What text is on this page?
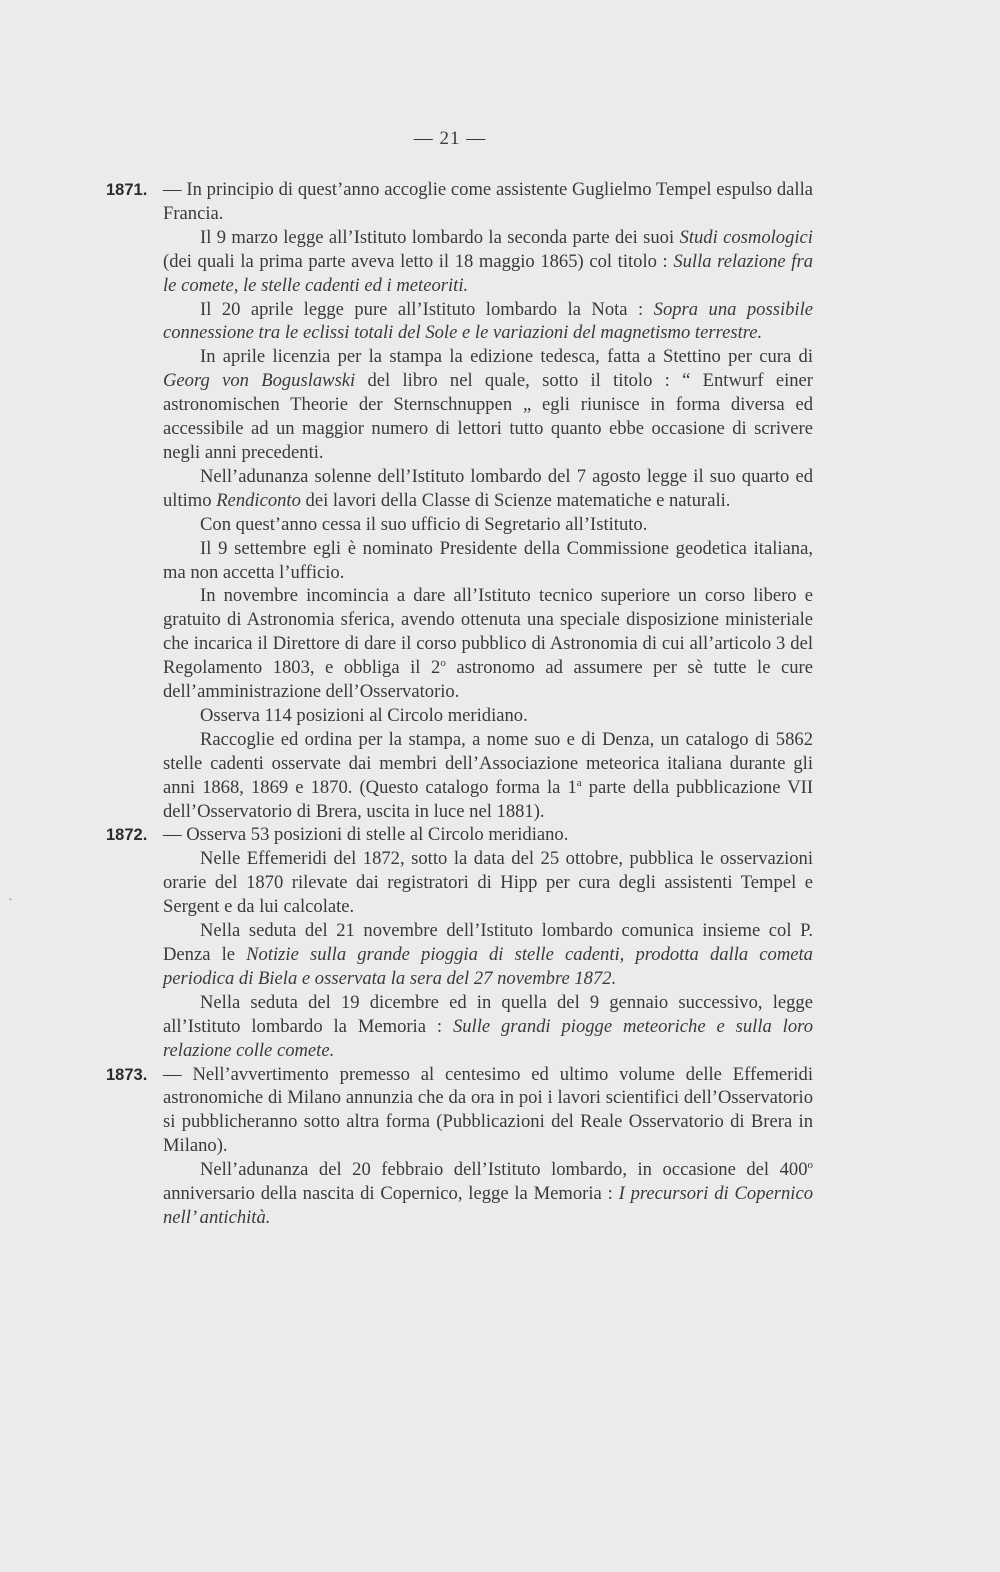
— 21 —
`

1871. — In principio di quest’anno accoglie come assistente Guglielmo Tempel espulso dalla Francia.

Il 9 marzo legge all’Istituto lombardo la seconda parte dei suoi Studi cosmologici (dei quali la prima parte aveva letto il 18 maggio 1865) col titolo : Sulla relazione fra le comete, le stelle cadenti ed i meteoriti.

Il 20 aprile legge pure all’Istituto lombardo la Nota : Sopra una possibile connessione tra le eclissi totali del Sole e le variazioni del magnetismo terrestre.

In aprile licenzia per la stampa la edizione tedesca, fatta a Stettino per cura di Georg von Boguslawski del libro nel quale, sotto il titolo : “ Entwurf einer astronomischen Theorie der Sternschnuppen „ egli riunisce in forma diversa ed accessibile ad un maggior numero di lettori tutto quanto ebbe occasione di scrivere negli anni precedenti.

Nell’adunanza solenne dell’Istituto lombardo del 7 agosto legge il suo quarto ed ultimo Rendiconto dei lavori della Classe di Scienze matematiche e naturali.

Con quest’anno cessa il suo ufficio di Segretario all’Istituto.

Il 9 settembre egli è nominato Presidente della Commissione geodetica italiana, ma non accetta l’ufficio.

In novembre incomincia a dare all’Istituto tecnico superiore un corso libero e gratuito di Astronomia sferica, avendo ottenuta una speciale disposizione ministeriale che incarica il Direttore di dare il corso pubblico di Astronomia di cui all’articolo 3 del Regolamento 1803, e obbliga il 2$^o$ astronomo ad assumere per sè tutte le cure dell’amministrazione dell’Osservatorio.

Osserva 114 posizioni al Circolo meridiano.

Raccoglie ed ordina per la stampa, a nome suo e di Denza, un catalogo di 5862 stelle cadenti osservate dai membri dell’Associazione meteorica italiana durante gli anni 1868, 1869 e 1870. (Questo catalogo forma la 1$^a$ parte della pubblicazione VII dell’Osservatorio di Brera, uscita in luce nel 1881).

1872. — Osserva 53 posizioni di stelle al Circolo meridiano.

Nelle Effemeridi del 1872, sotto la data del 25 ottobre, pubblica le osservazioni orarie del 1870 rilevate dai registratori di Hipp per cura degli assistenti Tempel e Sergent e da lui calcolate.

Nella seduta del 21 novembre dell’Istituto lombardo comunica insieme col P. Denza le Notizie sulla grande pioggia di stelle cadenti, prodotta dalla cometa periodica di Biela e osservata la sera del 27 novembre 1872.

Nella seduta del 19 dicembre ed in quella del 9 gennaio successivo, legge all’Istituto lombardo la Memoria : Sulle grandi piogge meteoriche e sulla loro relazione colle comete.

1873. — Nell’avvertimento premesso al centesimo ed ultimo volume delle Effemeridi astronomiche di Milano annunzia che da ora in poi i lavori scientifici dell’Osservatorio si pubblicheranno sotto altra forma (Pubblicazioni del Reale Osservatorio di Brera in Milano).

Nell’adunanza del 20 febbraio dell’Istituto lombardo, in occasione del 400$^o$ anniversario della nascita di Copernico, legge la Memoria : I precursori di Copernico nell’ antichità.
